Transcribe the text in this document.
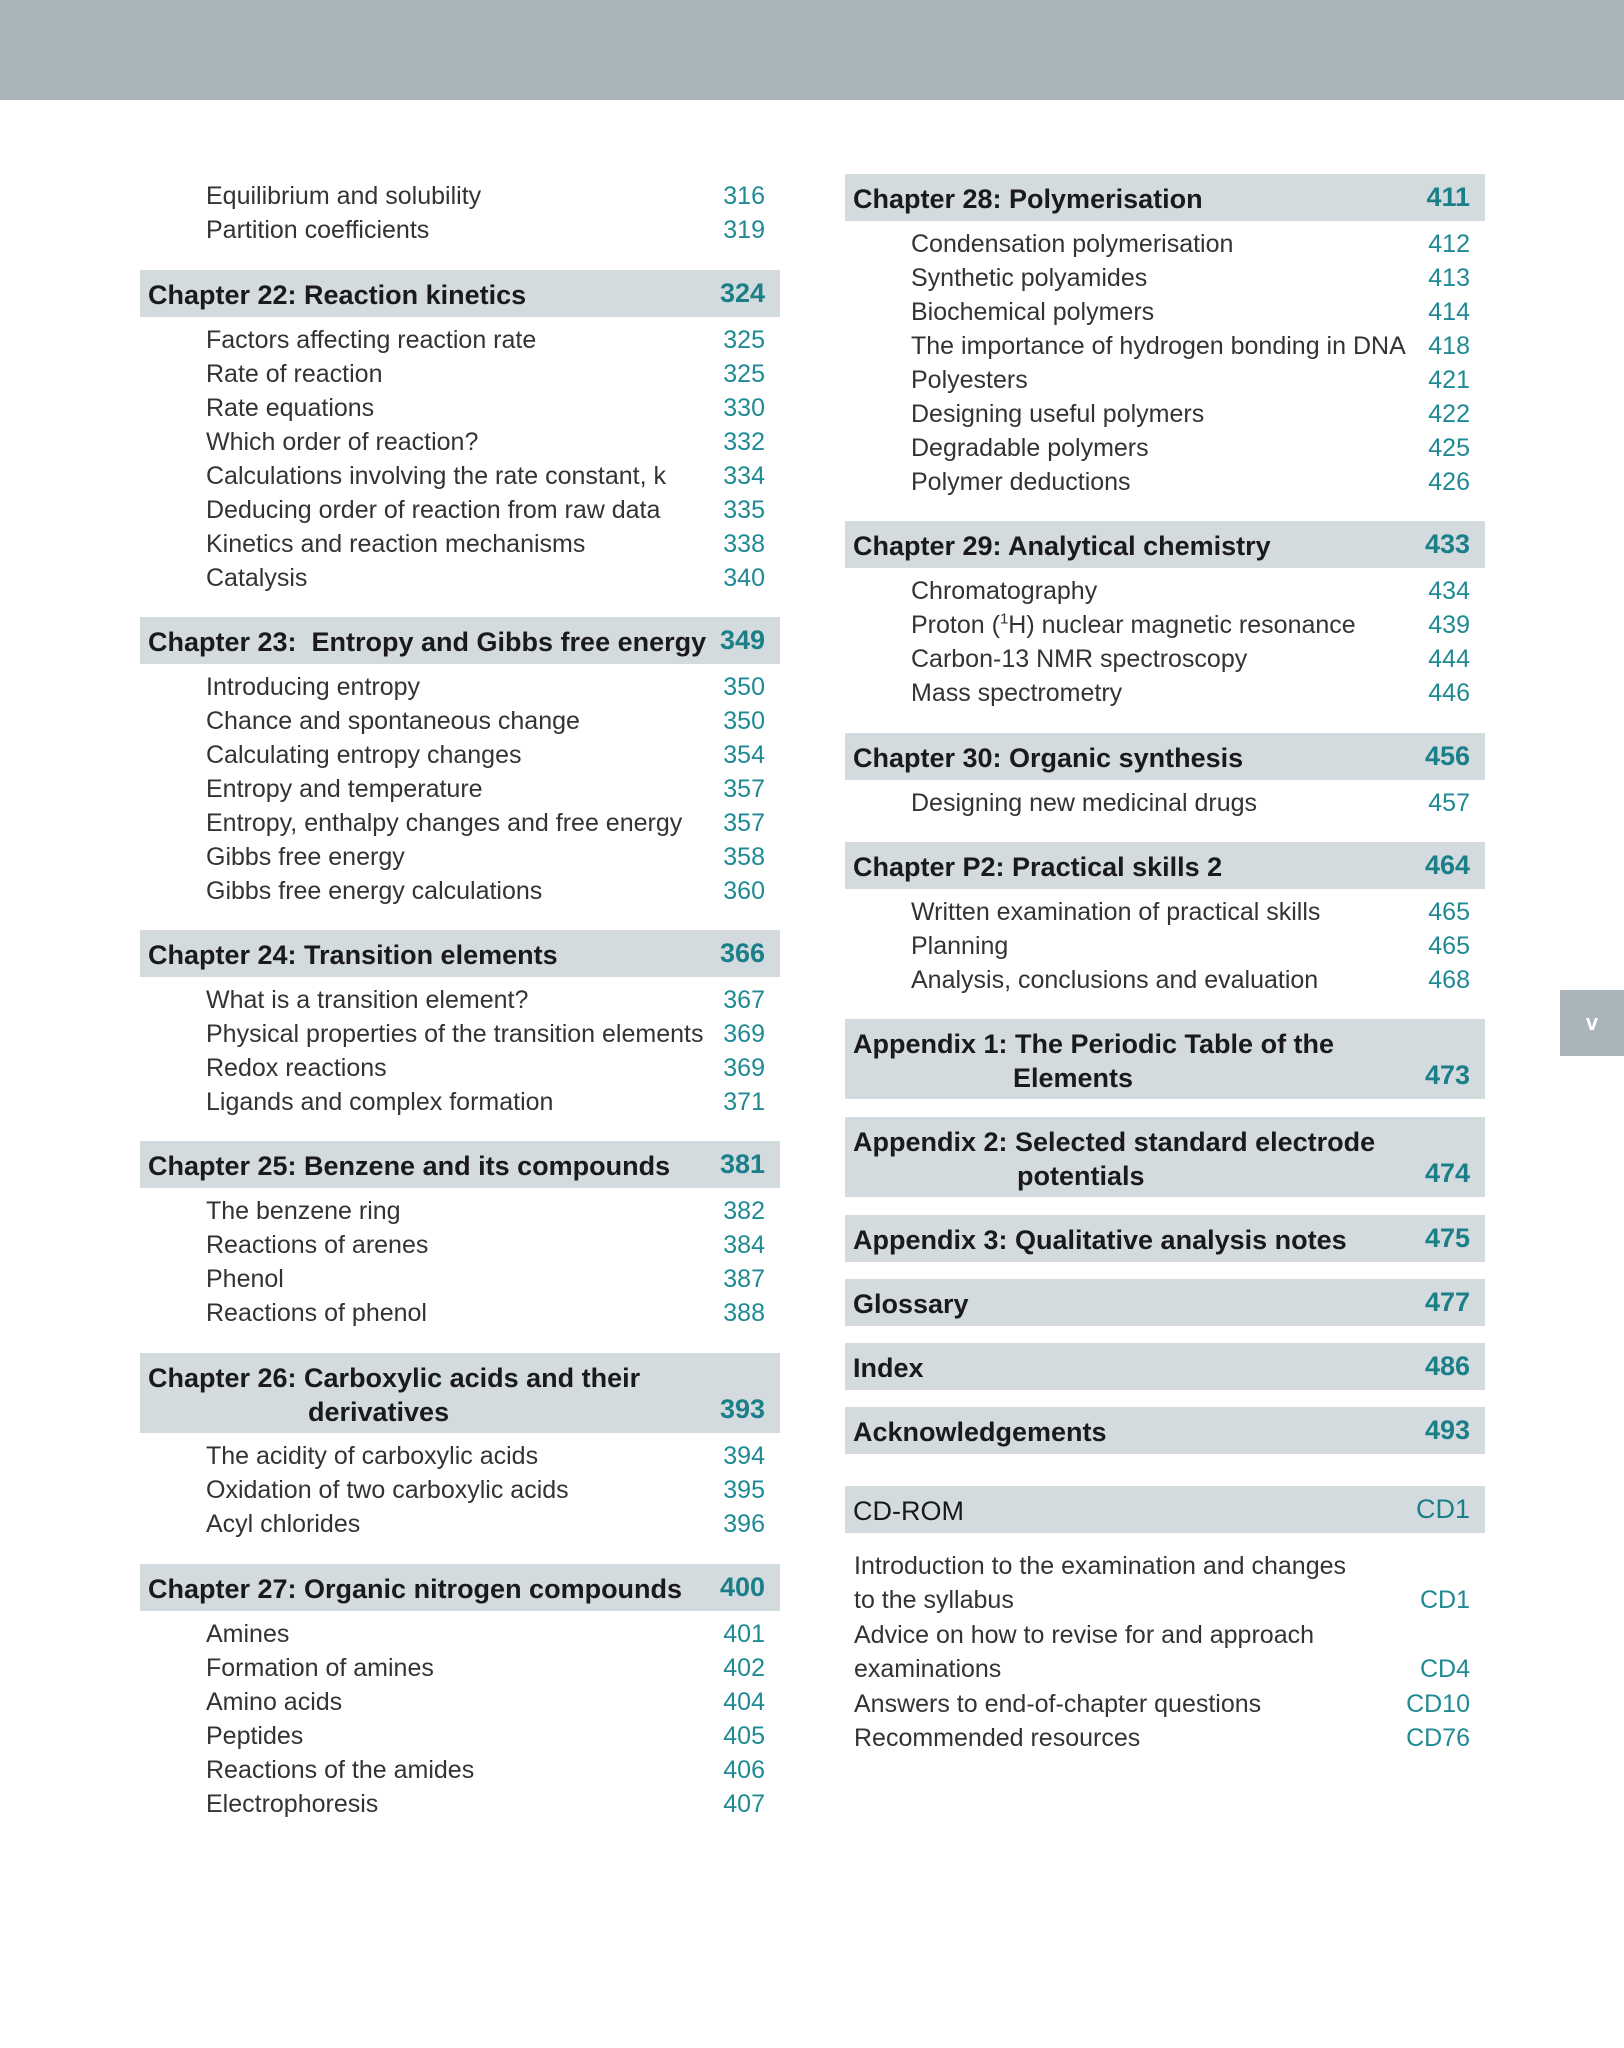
v
Equilibrium and solubility	316
Partition coefficients	319
Chapter 22: Reaction kinetics	324
Factors affecting reaction rate	325
Rate of reaction	325
Rate equations	330
Which order of reaction?	332
Calculations involving the rate constant, k 334
Deducing order of reaction from raw data	335
Kinetics and reaction mechanisms	338
Catalysis	340
Chapter 23:  Entropy and Gibbs free energy 349
Introducing entropy	350
Chance and spontaneous change	350
Calculating entropy changes	354
Entropy and temperature	357
Entropy, enthalpy changes and free energy 357
Gibbs free energy	358
Gibbs free energy calculations	360
Chapter 24: Transition elements	366
What is a transition element?	367
Physical properties of the transition elements 369
Redox reactions	369
Ligands and complex formation	371
Chapter 25: Benzene and its compounds 381
The benzene ring	382
Reactions of arenes	384
Phenol	387
Reactions of phenol	388
Chapter 26: Carboxylic acids and their
derivatives	393
The acidity of carboxylic acids	394
Oxidation of two carboxylic acids	395
Acyl chlorides	396
Chapter 27: Organic nitrogen compounds 400
Amines	401
Formation of amines	402
Amino acids	404
Peptides	405
Reactions of the amides	406
Electrophoresis	407
Chapter 28: Polymerisation	411
Condensation polymerisation	412
Synthetic polyamides	413
Biochemical polymers	414
The importance of hydrogen bonding in DNA 418
Polyesters	421
Designing useful polymers	422
Degradable polymers	425
Polymer deductions	426
Chapter 29: Analytical chemistry	433
Chromatography	434
Proton ($^1$H) nuclear magnetic resonance	439
Carbon-13 NMR spectroscopy	444
Mass spectrometry	446
Chapter 30: Organic synthesis	456
Designing new medicinal drugs	457
Chapter P2: Practical skills 2	464
Written examination of practical skills	465
Planning	465
Analysis, conclusions and evaluation	468
Appendix 1: The Periodic Table of the
Elements	473
Appendix 2: Selected standard electrode
potentials	474
Appendix 3: Qualitative analysis notes	475
Glossary	477
Index	486
Acknowledgements	493
CD-ROM	CD1
Introduction to the examination and changes
to the syllabus	CD1
Advice on how to revise for and approach
examinations	CD4
Answers to end-of-chapter questions	CD10
Recommended resources	CD76
